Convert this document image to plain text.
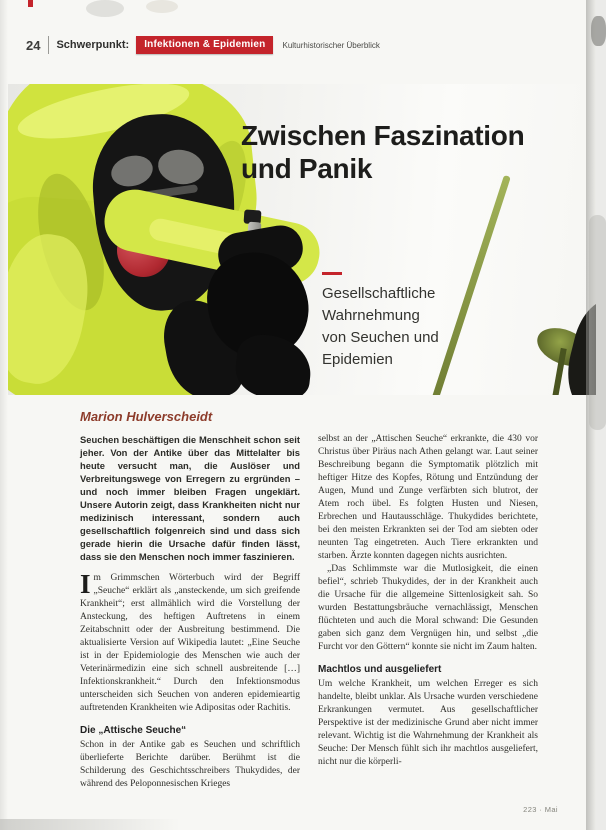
24 Schwerpunkt:	Infektionen & Epidemien	Kulturhistorischer Überblick
Zwischen Faszination
und Panik
Gesellschaftliche
Wahrnehmung
von Seuchen und
Epidemien
Marion Hulverscheidt

Seuchen beschäftigen die Menschheit schon seit jeher. Von der Antike über das Mittelalter bis heute versucht man, die Auslöser und Verbreitungswege von Erregern zu ergründen – und noch immer bleiben Fragen ungeklärt. Unsere Autorin zeigt, dass Krankheiten nicht nur medizinisch interessant, sondern auch gesellschaftlich folgenreich sind und dass sich gerade hierin die Ursache dafür finden lässt, dass sie den Menschen noch immer faszinieren.

Im Grimmschen Wörterbuch wird der Begriff „Seuche“ erklärt als „ansteckende, um sich greifende Krankheit“; erst allmählich wird die Vorstellung der Ansteckung, des heftigen Auftretens in einem Zeitabschnitt oder der Ausbreitung bestimmend. Die aktualisierte Version auf Wikipedia lautet: „Eine Seuche ist in der Epidemiologie des Menschen wie auch der Veterinärmedizin eine sich schnell ausbreitende […] Infektionskrankheit.“ Durch den Infektionsmodus unterscheiden sich Seuchen von anderen epidemieartig auftretenden Krankheiten wie Adipositas oder Rachitis.

Die „Attische Seuche“

Schon in der Antike gab es Seuchen und schriftlich überlieferte Berichte darüber. Berühmt ist die Schilderung des Geschichtsschreibers Thukydides, der während des Peloponnesischen Krieges

selbst an der „Attischen Seuche“ erkrankte, die 430 vor Christus über Piräus nach Athen gelangt war. Laut seiner Beschreibung begann die Symptomatik plötzlich mit heftiger Hitze des Kopfes, Rötung und Entzündung der Augen, Mund und Zunge verfärbten sich blutrot, der Atem roch übel. Es folgten Husten und Niesen, Erbrechen und Hautausschläge. Thukydides berichtete, bei den meisten Erkrankten sei der Tod am siebten oder neunten Tag eingetreten. Auch Tiere erkrankten und starben. Ärzte konnten dagegen nichts ausrichten.

„Das Schlimmste war die Mutlosigkeit, die einen befiel“, schrieb Thukydides, der in der Krankheit auch die Ursache für die allgemeine Sittenlosigkeit sah. So wurden Bestattungsbräuche vernachlässigt, Menschen flüchteten und auch die Moral schwand: Die Gesunden gaben sich ganz dem Vergnügen hin, und selbst „die Furcht vor den Göttern“ konnte sie nicht im Zaum halten.

Machtlos und ausgeliefert

Um welche Krankheit, um welchen Erreger es sich handelte, bleibt unklar. Als Ursache wurden verschiedene Erkrankungen vermutet. Aus gesellschaftlicher Perspektive ist der medizinische Grund aber nicht immer relevant. Wichtig ist die Wahrnehmung der Krankheit als Seuche: Der Mensch fühlt sich ihr machtlos ausgeliefert, nicht nur die körperli-

223 · Mai
